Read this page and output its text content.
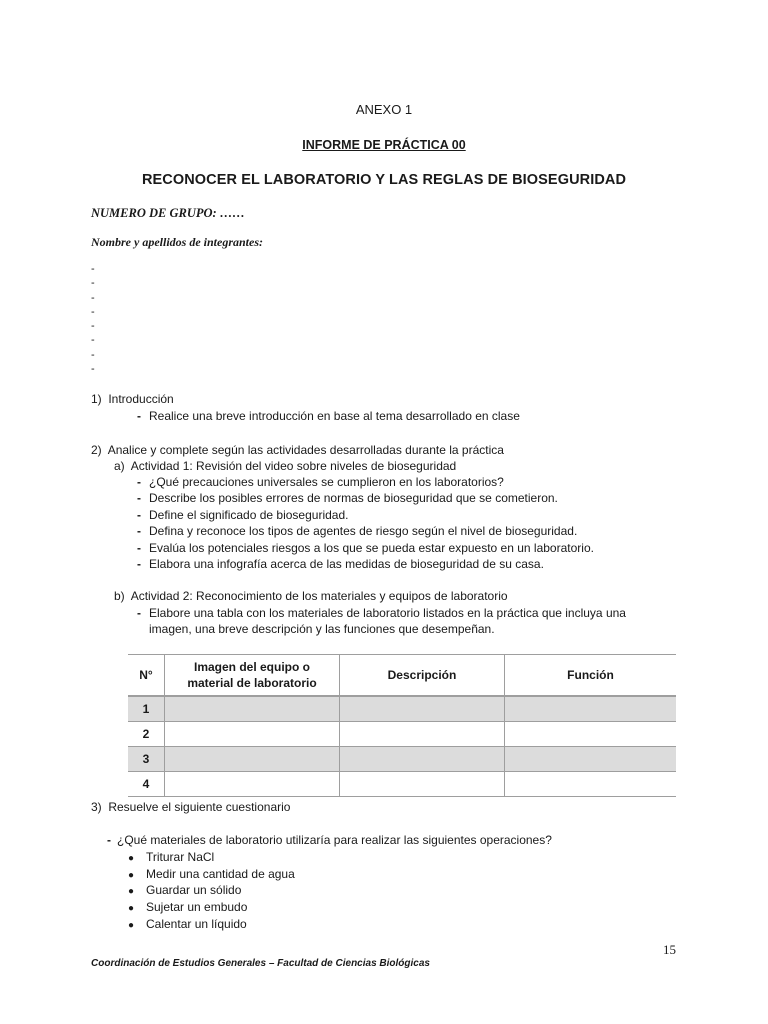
ANEXO 1
INFORME DE PRÁCTICA 00
RECONOCER EL LABORATORIO Y LAS REGLAS DE BIOSEGURIDAD
NUMERO DE GRUPO: ……
Nombre y apellidos de integrantes:
-
-
-
-
-
-
-
-
1) Introducción
- Realice una breve introducción en base al tema desarrollado en clase
2) Analice y complete según las actividades desarrolladas durante la práctica
a) Actividad 1: Revisión del video sobre niveles de bioseguridad
- ¿Qué precauciones universales se cumplieron en los laboratorios?
- Describe los posibles errores de normas de bioseguridad que se cometieron.
- Define el significado de bioseguridad.
- Defina y reconoce los tipos de agentes de riesgo según el nivel de bioseguridad.
- Evalúa los potenciales riesgos a los que se pueda estar expuesto en un laboratorio.
- Elabora una infografía acerca de las medidas de bioseguridad de su casa.
b) Actividad 2: Reconocimiento de los materiales y equipos de laboratorio
- Elabore una tabla con los materiales de laboratorio listados en la práctica que incluya una
imagen, una breve descripción y las funciones que desempeñan.
N°	Imagen del equipo o
material de laboratorio	Descripción	Función
1			
2			
3			
4			
3) Resuelve el siguiente cuestionario
- ¿Qué materiales de laboratorio utilizaría para realizar las siguientes operaciones?
● Triturar NaCl
● Medir una cantidad de agua
● Guardar un sólido
● Sujetar un embudo
● Calentar un líquido
15
Coordinación de Estudios Generales – Facultad de Ciencias Biológicas
